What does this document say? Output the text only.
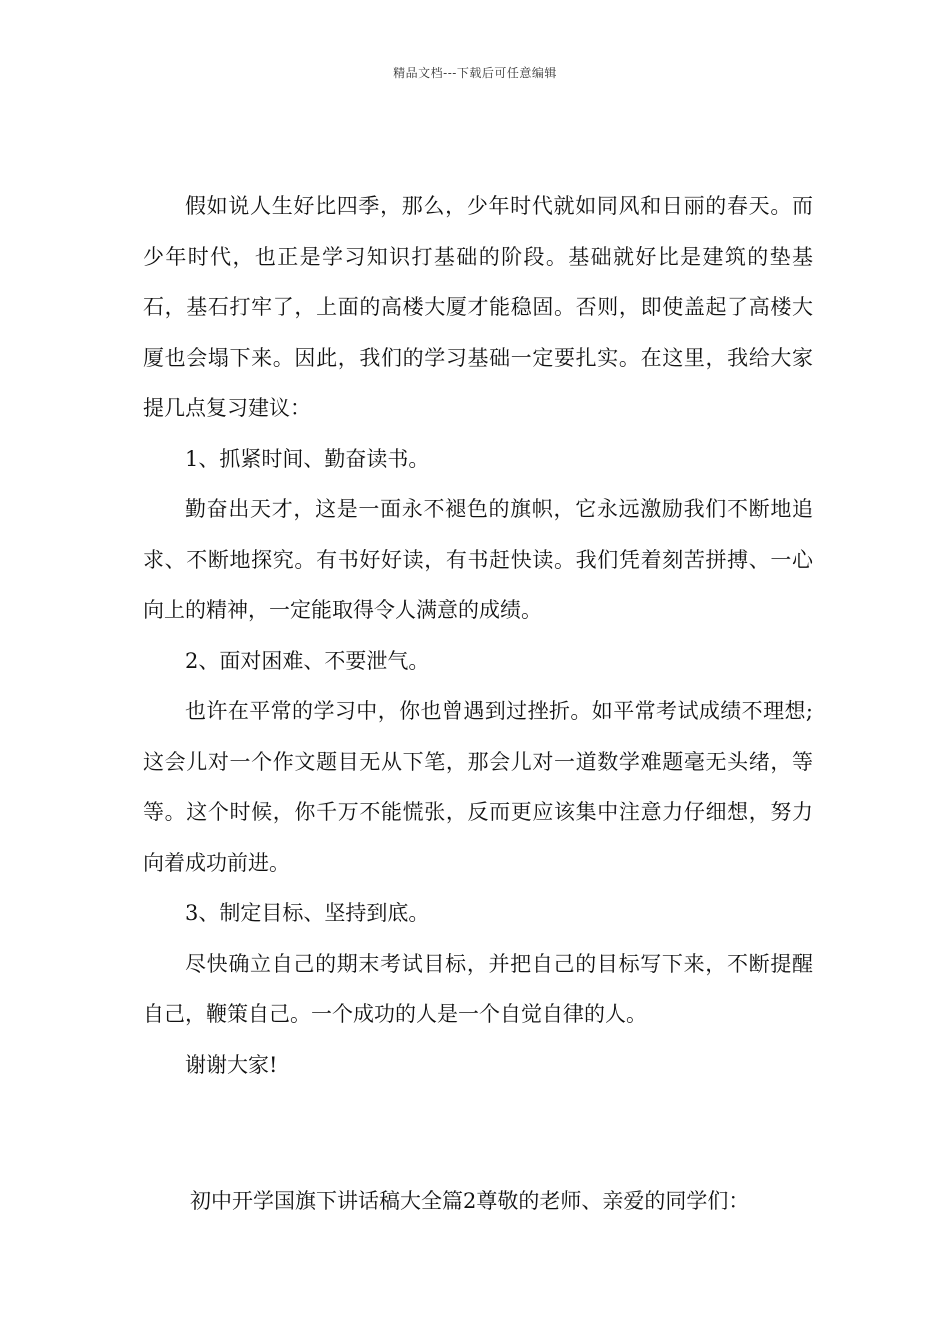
精品文档---下载后可任意编辑

假如说人生好比四季，那么，少年时代就如同风和日丽的春天。而少年时代，也正是学习知识打基础的阶段。基础就好比是建筑的垫基石，基石打牢了，上面的高楼大厦才能稳固。否则，即使盖起了高楼大厦也会塌下来。因此，我们的学习基础一定要扎实。在这里，我给大家提几点复习建议：

1、抓紧时间、勤奋读书。

勤奋出天才，这是一面永不褪色的旗帜，它永远激励我们不断地追求、不断地探究。有书好好读，有书赶快读。我们凭着刻苦拼搏、一心向上的精神，一定能取得令人满意的成绩。

2、面对困难、不要泄气。

也许在平常的学习中，你也曾遇到过挫折。如平常考试成绩不理想;这会儿对一个作文题目无从下笔，那会儿对一道数学难题毫无头绪，等等。这个时候，你千万不能慌张，反而更应该集中注意力仔细想，努力向着成功前进。

3、制定目标、坚持到底。

尽快确立自己的期末考试目标，并把自己的目标写下来，不断提醒自己，鞭策自己。一个成功的人是一个自觉自律的人。

谢谢大家!

初中开学国旗下讲话稿大全篇2尊敬的老师、亲爱的同学们：
